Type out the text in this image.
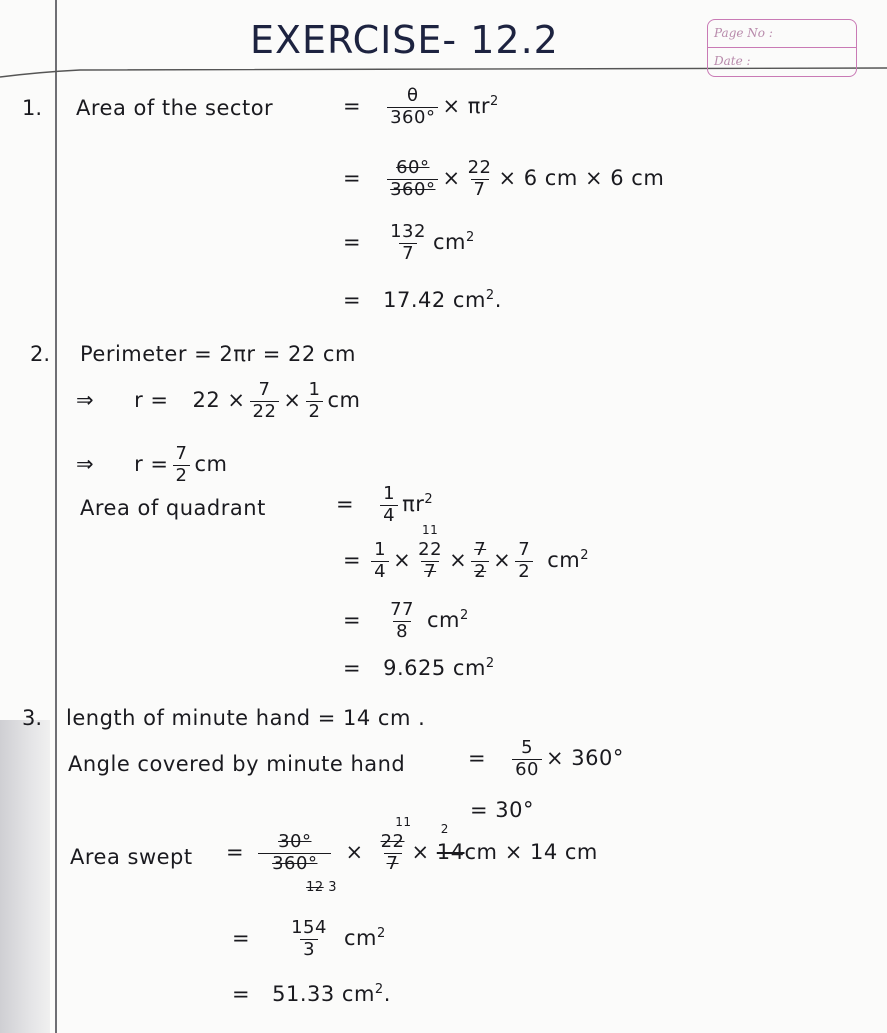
EXERCISE- 12.2	Page No :
Date :
1. Area of the sector	= $\frac{\theta}{360^\circ} \times \pi r^2$
= $\frac{60^\circ}{360^\circ} \times \frac{22}{7} \times 6$ cm × 6 cm
= $\frac{132}{7} cm^2$
= 17.42 $cm^2$.
2. Perimeter = 2πr = 22 cm
⇒ $r = 22 \times \frac{7}{22} \times \frac{1}{2}$ cm
⇒ $r = \frac{7}{2}$ cm
Area of quadrant	= $\frac{1}{4} \pi r^2$
= $\frac{1}{4}$ ×
11
22
$7 \times \frac{7}{2} \times \frac{7}{2} cm^2$
= $\frac{77}{8} cm^2$
= 9.625 $cm^2$
3. length of minute hand = 14 cm .
Angle covered by minute hand	= $\frac{5}{60} \times 360^\circ$
= 30°
Area swept = 30°
360°
12 3
×
11
22
7 ×
2
14cm × 14 cm
= $\frac{154}{3} cm^2$
= 51.33 $cm^2$.
